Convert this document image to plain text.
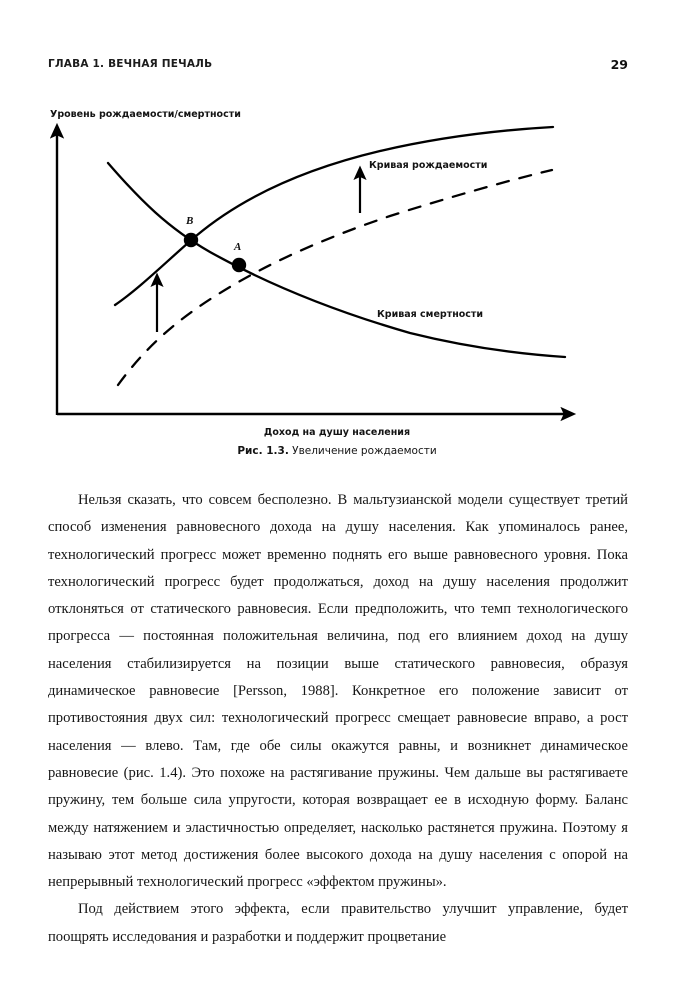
ГЛАВА 1. ВЕЧНАЯ ПЕЧАЛЬ	29
Уровень рождаемости/смертности
B
A
Кривая рождаемости
Кривая смертности
Доход на душу населения
Рис. 1.3. Увеличение рождаемости

Нельзя сказать, что совсем бесполезно. В мальтузианской модели существует третий способ изменения равновесного дохода на душу населения. Как упоминалось ранее, технологический прогресс может временно поднять его выше равновесного уровня. Пока технологический прогресс будет продолжаться, доход на душу населения продолжит отклоняться от статического равновесия. Если предположить, что темп технологического прогресса — постоянная положительная величина, под его влиянием доход на душу населения стабилизируется на позиции выше статического равновесия, образуя динамическое равновесие [Persson, 1988]. Конкретное его положение зависит от противостояния двух сил: технологический прогресс смещает равновесие вправо, а рост населения — влево. Там, где обе силы окажутся равны, и возникнет динамическое равновесие (рис. 1.4). Это похоже на растягивание пружины. Чем дальше вы растягиваете пружину, тем больше сила упругости, которая возвращает ее в исходную форму. Баланс между натяжением и эластичностью определяет, насколько растянется пружина. Поэтому я называю этот метод достижения более высокого дохода на душу населения с опорой на непрерывный технологический прогресс «эффектом пружины».

Под действием этого эффекта, если правительство улучшит управление, будет поощрять исследования и разработки и поддержит процветание
